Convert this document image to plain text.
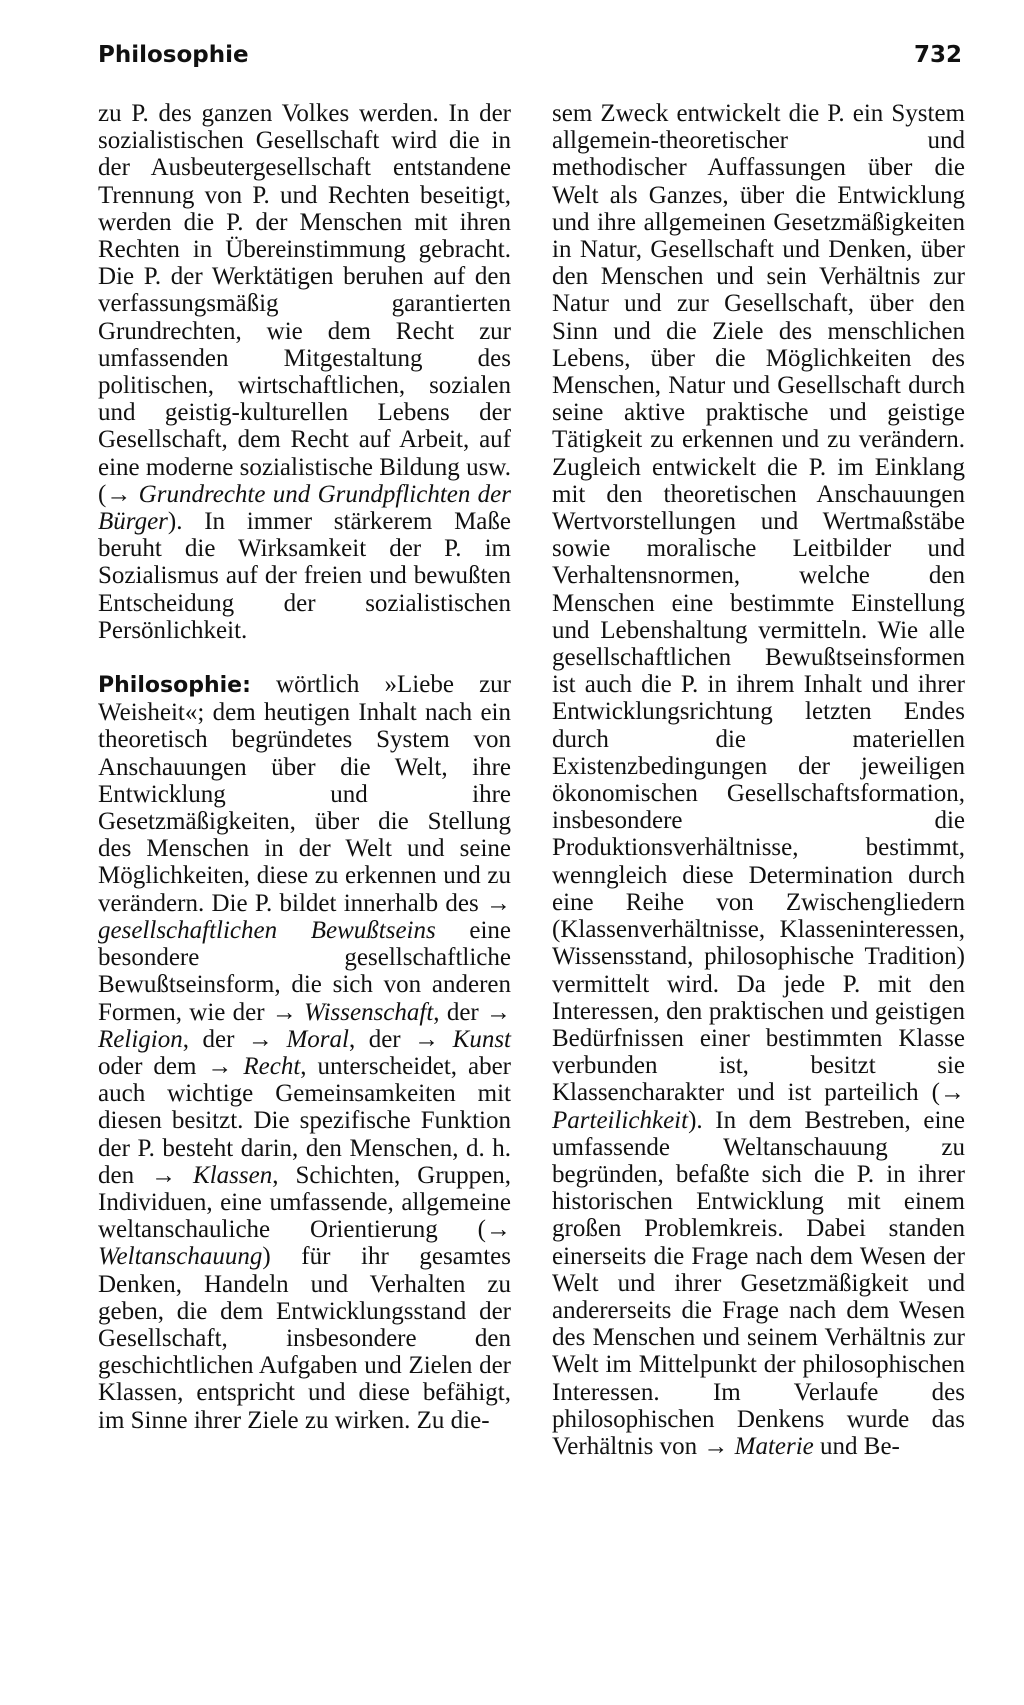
Philosophie	732

zu P. des ganzen Volkes werden. In der sozialistischen Gesellschaft wird die in der Ausbeutergesellschaft entstandene Trennung von P. und Rechten beseitigt, werden die P. der Menschen mit ihren Rechten in Übereinstimmung gebracht. Die P. der Werktätigen beruhen auf den verfassungsmäßig garantierten Grundrechten, wie dem Recht zur umfassenden Mitgestaltung des politischen, wirtschaftlichen, sozialen und geistig-kulturellen Lebens der Gesellschaft, dem Recht auf Arbeit, auf eine moderne sozialistische Bildung usw. (→ Grundrechte und Grundpflichten der Bürger). In immer stärkerem Maße beruht die Wirksamkeit der P. im Sozialismus auf der freien und bewußten Entscheidung der sozialistischen Persönlichkeit.

Philosophie: wörtlich »Liebe zur Weisheit«; dem heutigen Inhalt nach ein theoretisch begründetes System von Anschauungen über die Welt, ihre Entwicklung und ihre Gesetzmäßigkeiten, über die Stellung des Menschen in der Welt und seine Möglichkeiten, diese zu erkennen und zu verändern. Die P. bildet innerhalb des → gesellschaftlichen Bewußtseins eine besondere gesellschaftliche Bewußtseinsform, die sich von anderen Formen, wie der → Wissenschaft, der → Religion, der → Moral, der → Kunst oder dem → Recht, unterscheidet, aber auch wichtige Gemeinsamkeiten mit diesen besitzt. Die spezifische Funktion der P. besteht darin, den Menschen, d. h. den → Klassen, Schichten, Gruppen, Individuen, eine umfassende, allgemeine weltanschauliche Orientierung (→ Weltanschauung) für ihr gesamtes Denken, Handeln und Verhalten zu geben, die dem Entwicklungsstand der Gesellschaft, insbesondere den geschichtlichen Aufgaben und Zielen der Klassen, entspricht und diese befähigt, im Sinne ihrer Ziele zu wirken. Zu die-

sem Zweck entwickelt die P. ein System allgemein-theoretischer und methodischer Auffassungen über die Welt als Ganzes, über die Entwicklung und ihre allgemeinen Gesetzmäßigkeiten in Natur, Gesellschaft und Denken, über den Menschen und sein Verhältnis zur Natur und zur Gesellschaft, über den Sinn und die Ziele des menschlichen Lebens, über die Möglichkeiten des Menschen, Natur und Gesellschaft durch seine aktive praktische und geistige Tätigkeit zu erkennen und zu verändern. Zugleich entwickelt die P. im Einklang mit den theoretischen Anschauungen Wertvorstellungen und Wertmaßstäbe sowie moralische Leitbilder und Verhaltensnormen, welche den Menschen eine bestimmte Einstellung und Lebenshaltung vermitteln. Wie alle gesellschaftlichen Bewußtseinsformen ist auch die P. in ihrem Inhalt und ihrer Entwicklungsrichtung letzten Endes durch die materiellen Existenzbedingungen der jeweiligen ökonomischen Gesellschaftsformation, insbesondere die Produktionsverhältnisse, bestimmt, wenngleich diese Determination durch eine Reihe von Zwischengliedern (Klassenverhältnisse, Klasseninteressen, Wissensstand, philosophische Tradition) vermittelt wird. Da jede P. mit den Interessen, den praktischen und geistigen Bedürfnissen einer bestimmten Klasse verbunden ist, besitzt sie Klassencharakter und ist parteilich (→ Parteilichkeit). In dem Bestreben, eine umfassende Weltanschauung zu begründen, befaßte sich die P. in ihrer historischen Entwicklung mit einem großen Problemkreis. Dabei standen einerseits die Frage nach dem Wesen der Welt und ihrer Gesetzmäßigkeit und andererseits die Frage nach dem Wesen des Menschen und seinem Verhältnis zur Welt im Mittelpunkt der philosophischen Interessen. Im Verlaufe des philosophischen Denkens wurde das Verhältnis von → Materie und Be-
